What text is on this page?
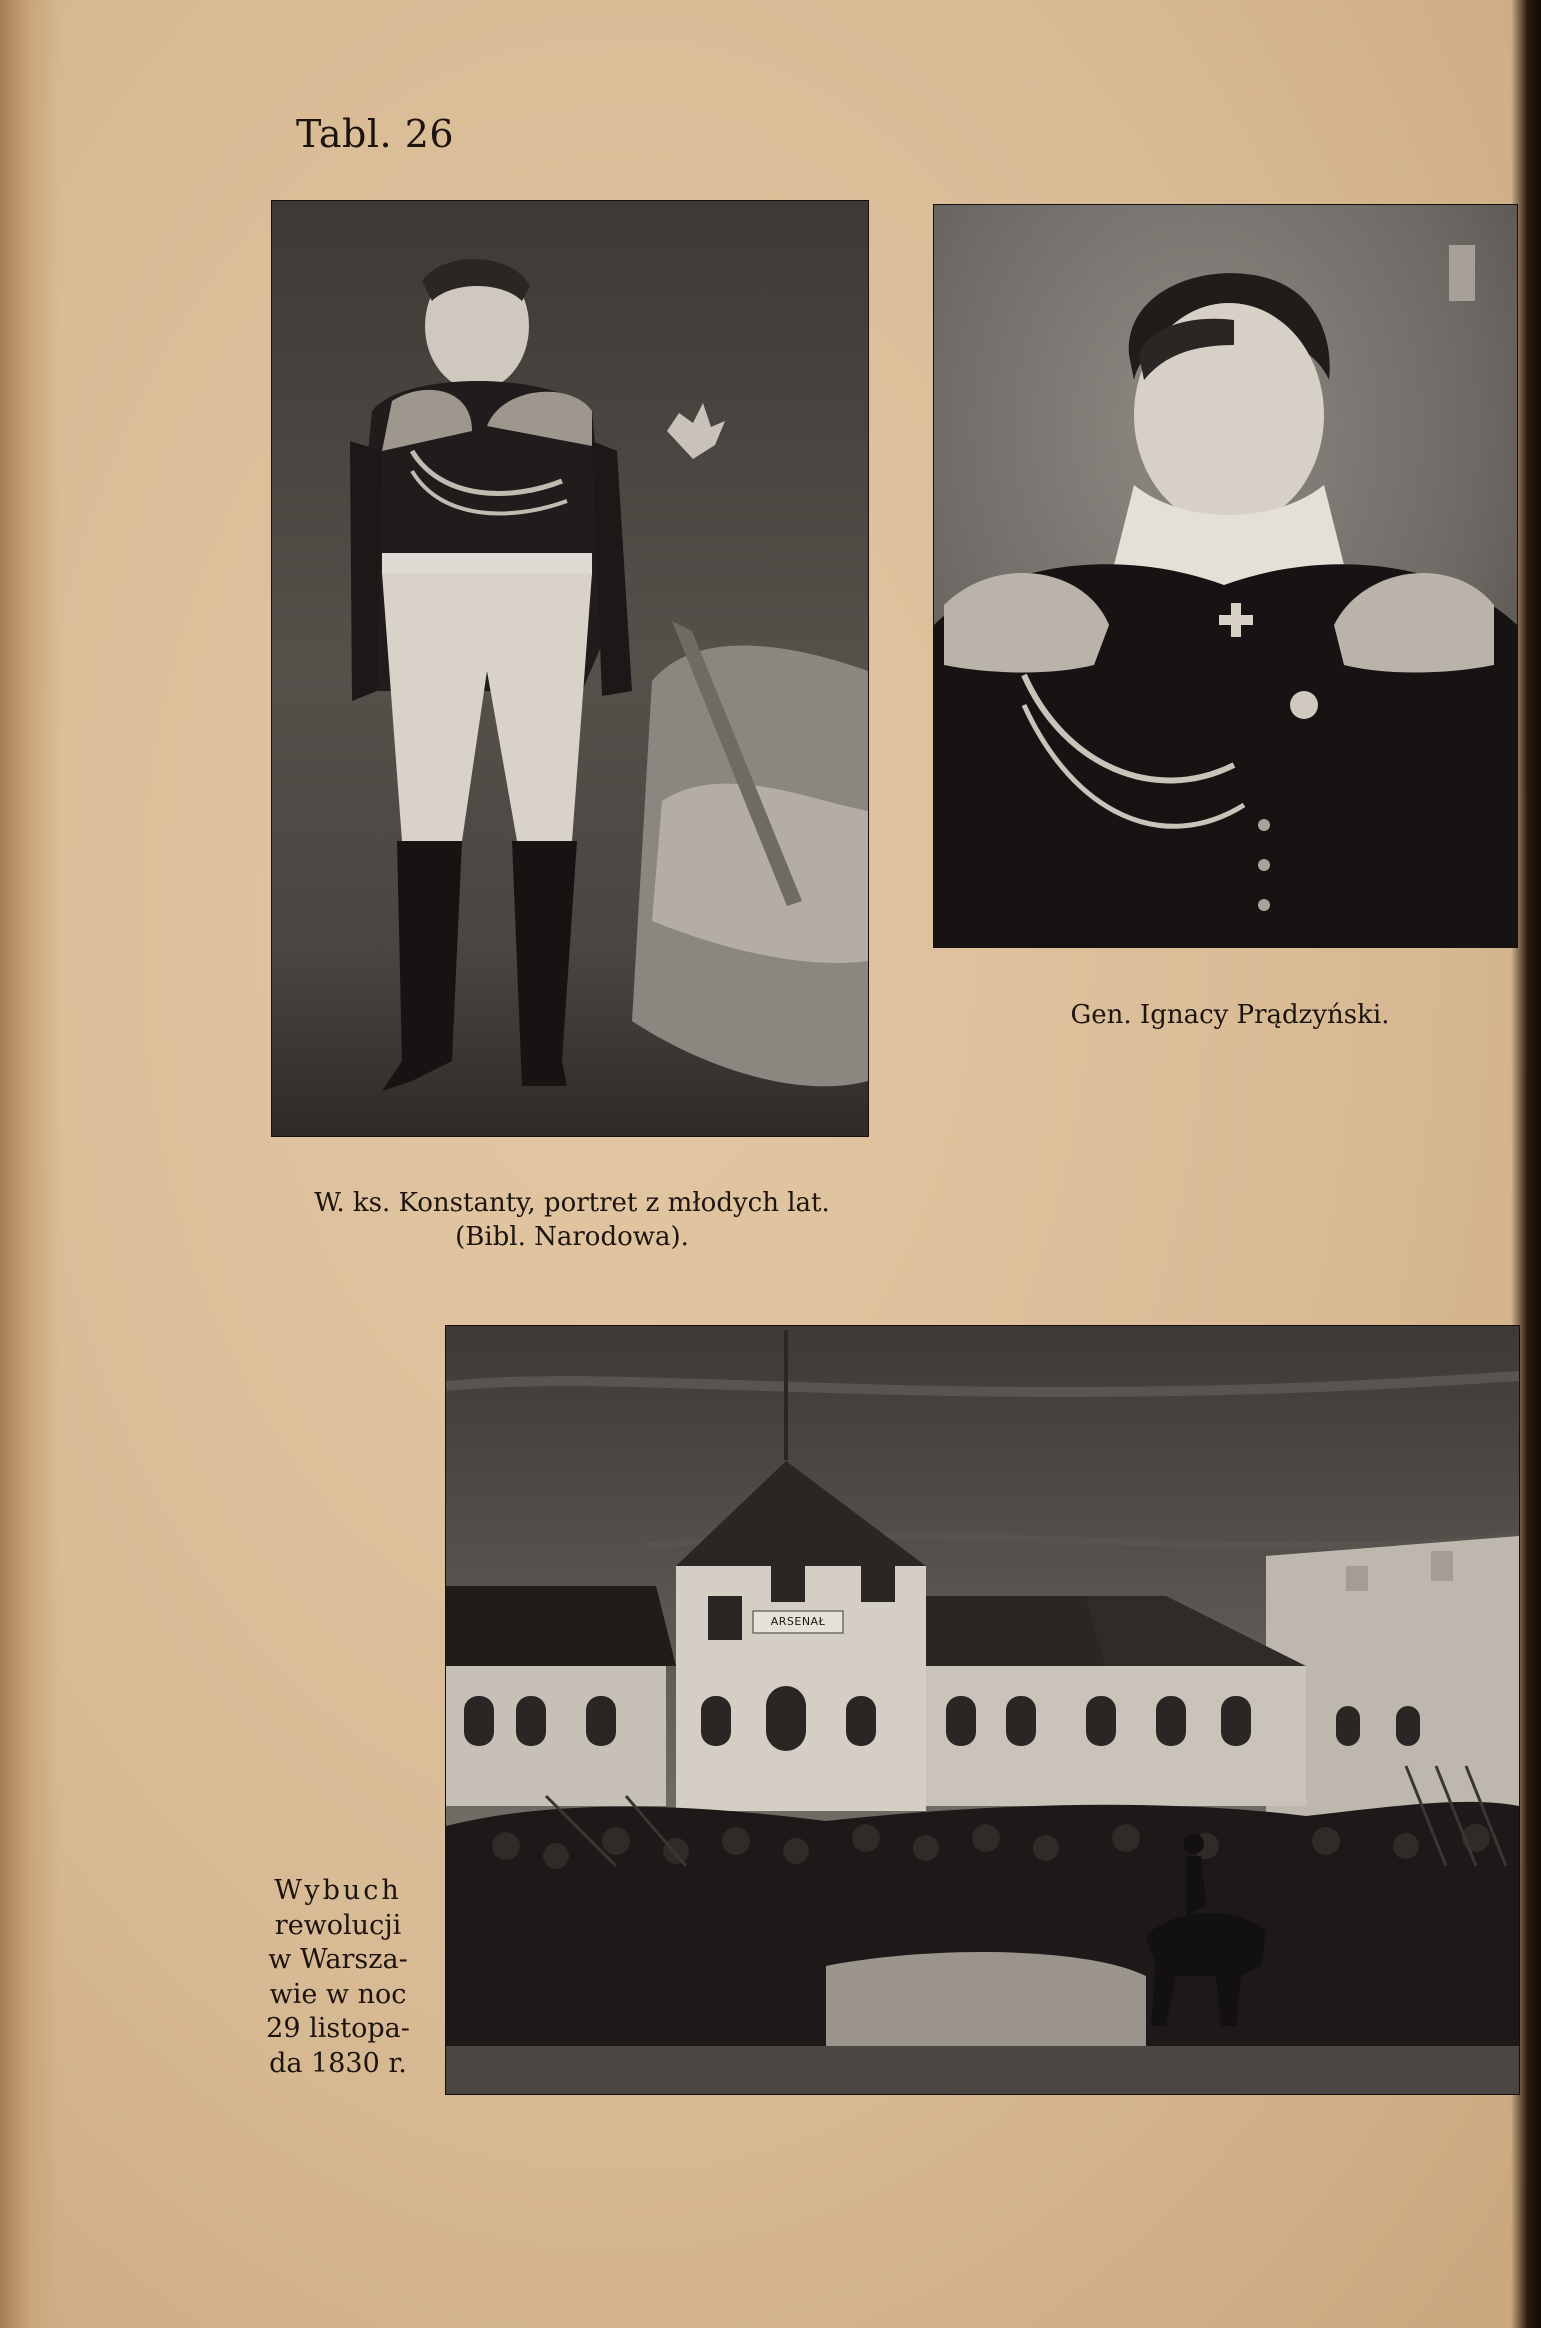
Tabl. 26
Gen. Ignacy Prądzyński.
W. ks. Konstanty, portret z młodych lat.
(Bibl. Narodowa).
ARSENAŁ
Wybuch
rewolucji
w Warsza-
wie w noc
29 listopa-
da 1830 r.
